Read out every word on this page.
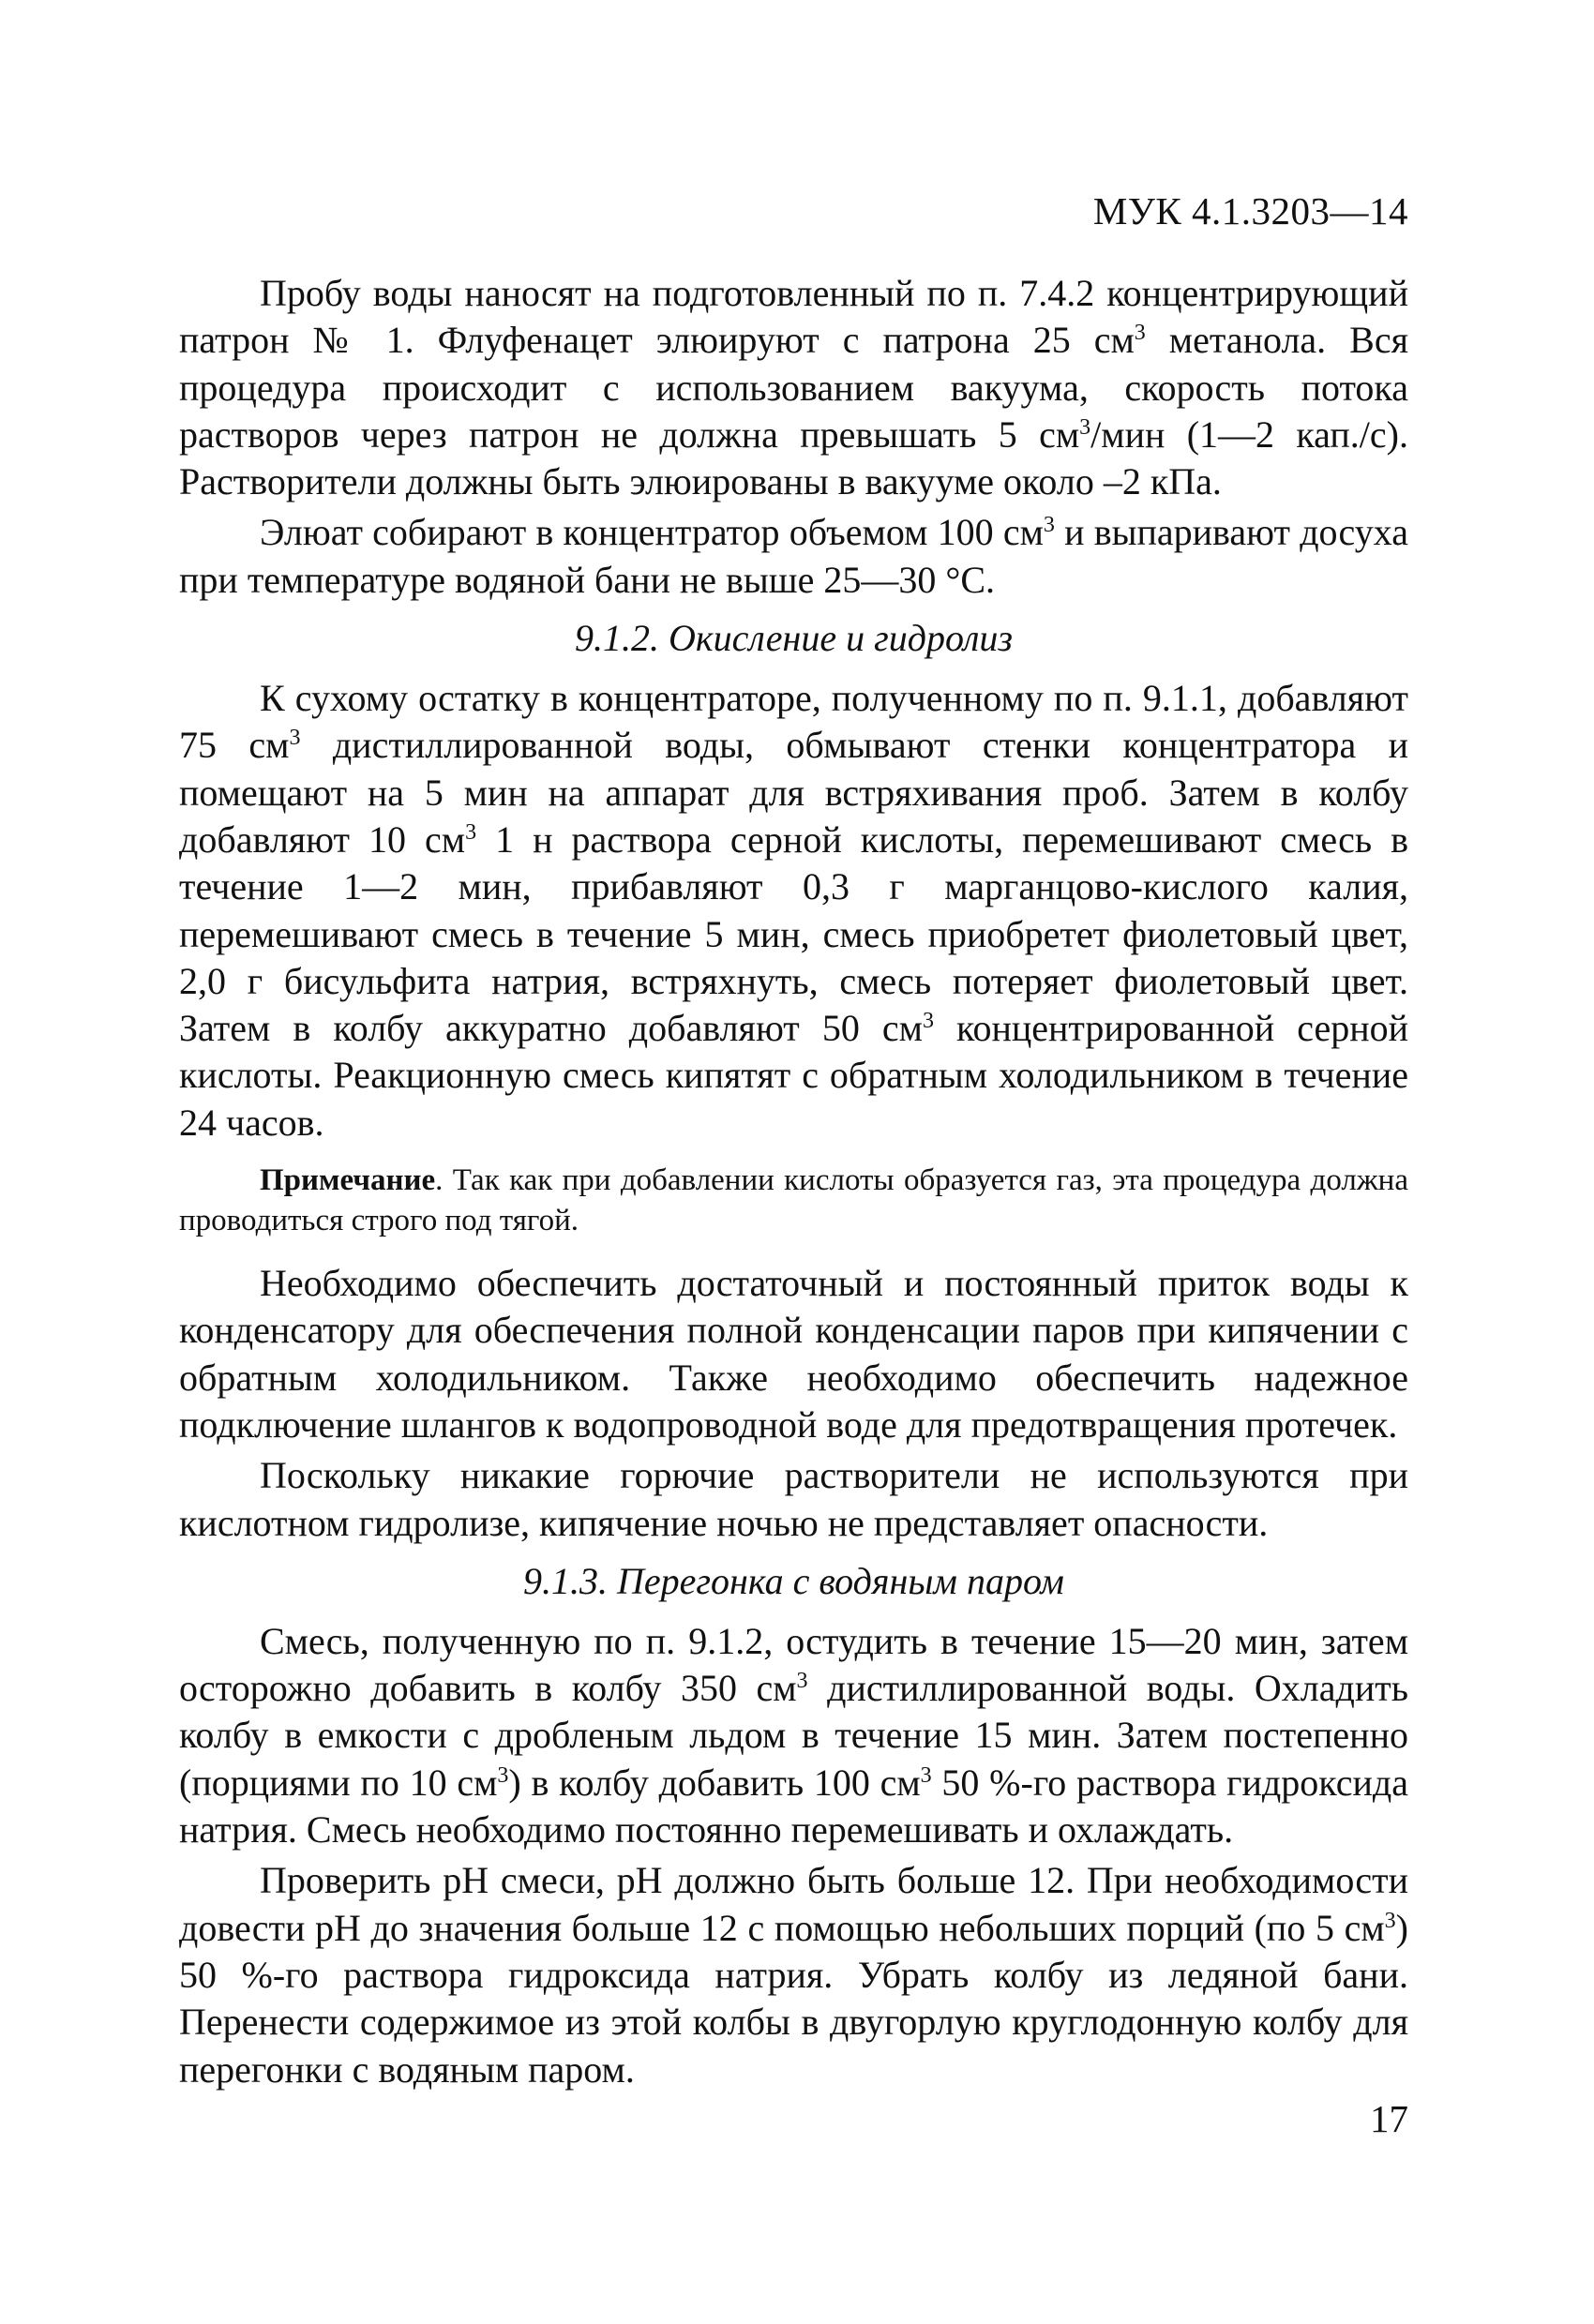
МУК 4.1.3203—14

Пробу воды наносят на подготовленный по п. 7.4.2 концентрирующий патрон № 1. Флуфенацет элюируют с патрона 25 $см^3$ метанола. Вся процедура происходит с использованием вакуума, скорость потока растворов через патрон не должна превышать 5 $см^3$/мин (1—2 кап./с). Растворители должны быть элюированы в вакууме около –2 кПа.

Элюат собирают в концентратор объемом 100 $см^3$ и выпаривают досуха при температуре водяной бани не выше 25—30 °С.

9.1.2. Окисление и гидролиз

К сухому остатку в концентраторе, полученному по п. 9.1.1, добавляют 75 $см^3$ дистиллированной воды, обмывают стенки концентратора и помещают на 5 мин на аппарат для встряхивания проб. Затем в колбу добавляют 10 $см^3$ 1 н раствора серной кислоты, перемешивают смесь в течение 1—2 мин, прибавляют 0,3 г марганцово-кислого калия, перемешивают смесь в течение 5 мин, смесь приобретет фиолетовый цвет, 2,0 г бисульфита натрия, встряхнуть, смесь потеряет фиолетовый цвет. Затем в колбу аккуратно добавляют 50 $см^3$ концентрированной серной кислоты. Реакционную смесь кипятят с обратным холодильником в течение 24 часов.

Примечание. Так как при добавлении кислоты образуется газ, эта процедура должна проводиться строго под тягой.

Необходимо обеспечить достаточный и постоянный приток воды к конденсатору для обеспечения полной конденсации паров при кипячении с обратным холодильником. Также необходимо обеспечить надежное подключение шлангов к водопроводной воде для предотвращения протечек.

Поскольку никакие горючие растворители не используются при кислотном гидролизе, кипячение ночью не представляет опасности.

9.1.3. Перегонка с водяным паром

Смесь, полученную по п. 9.1.2, остудить в течение 15—20 мин, затем осторожно добавить в колбу 350 $см^3$ дистиллированной воды. Охладить колбу в емкости с дробленым льдом в течение 15 мин. Затем постепенно (порциями по 10 $см^3$) в колбу добавить 100 $см^3$ 50 %-го раствора гидроксида натрия. Смесь необходимо постоянно перемешивать и охлаждать.

Проверить pH смеси, pH должно быть больше 12. При необходимости довести pH до значения больше 12 с помощью небольших порций (по 5 $см^3$) 50 %-го раствора гидроксида натрия. Убрать колбу из ледяной бани. Перенести содержимое из этой колбы в двугорлую круглодонную колбу для перегонки с водяным паром.

17
